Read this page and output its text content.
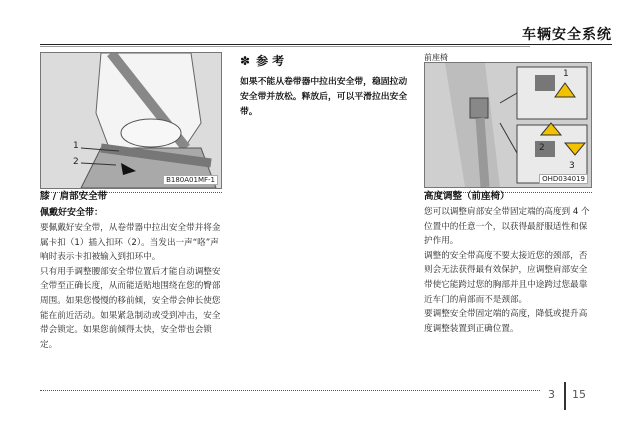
车辆安全系统
1
2
B180A01MF-1
膝 / 肩部安全带
佩戴好安全带：

要佩戴好安全带，从卷带器中拉出安全带并将金属卡扣（1）插入扣环（2）。当发出一声“咯”声响时表示卡扣被输入到扣环中。

只有用手调整腰部安全带位置后才能自动调整安全带至正确长度，从而能适贴地围绕在您的臀部周围。如果您慢慢的移前倾，安全带会伸长使您能在前近活动。如果紧急制动或受到冲击，安全带会锁定。如果您前倾得太快，安全带也会锁定。

✽ 参考

如果不能从卷带器中拉出安全带，稳固拉动安全带并放松。释放后，可以平滑拉出安全带。

前座椅
1
2
3
OHD034019
高度调整（前座椅）

您可以调整肩部安全带固定端的高度到 4 个位置中的任意一个，以获得最舒服适性和保护作用。

调整的安全带高度不要太接近您的颈部，否则会无法获得最有效保护，应调整肩部安全带使它能跨过您的胸部并且中途跨过您最靠近车门的肩部而不是颈部。

要调整安全带固定端的高度，降低或提升高度调整装置到正确位置。

3 15
